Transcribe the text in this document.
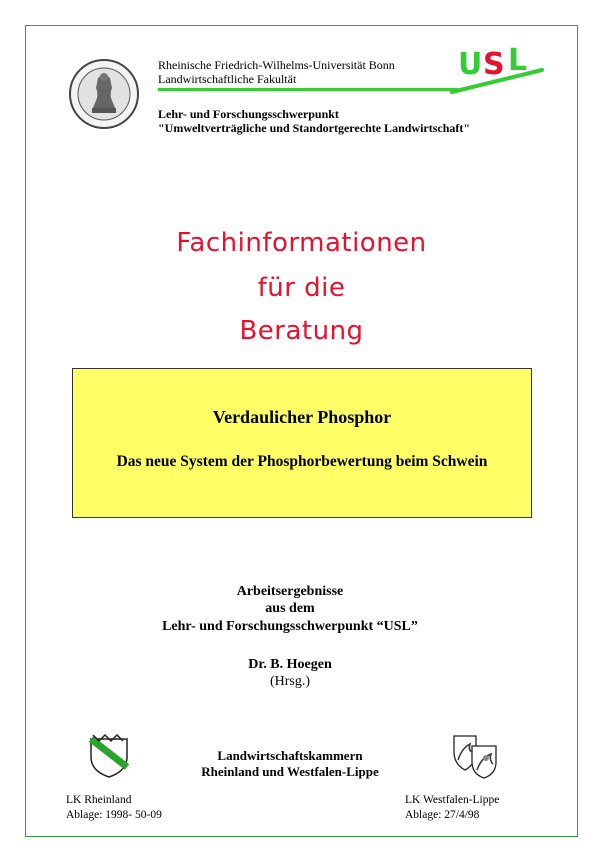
Rheinische Friedrich-Wilhelms-Universität Bonn
Landwirtschaftliche Fakultät	U S L
Lehr- und Forschungsschwerpunkt
"Umweltverträgliche und Standortgerechte Landwirtschaft"
Fachinformationen
für die
Beratung
Verdaulicher Phosphor
Das neue System der Phosphorbewertung beim Schwein
Arbeitsergebnisse
aus dem
Lehr- und Forschungsschwerpunkt “USL”
Dr. B. Hoegen
(Hrsg.)
Landwirtschaftskammern
Rheinland und Westfalen-Lippe
LK Rheinland
Ablage: 1998- 50-09
LK Westfalen-Lippe
Ablage: 27/4/98
